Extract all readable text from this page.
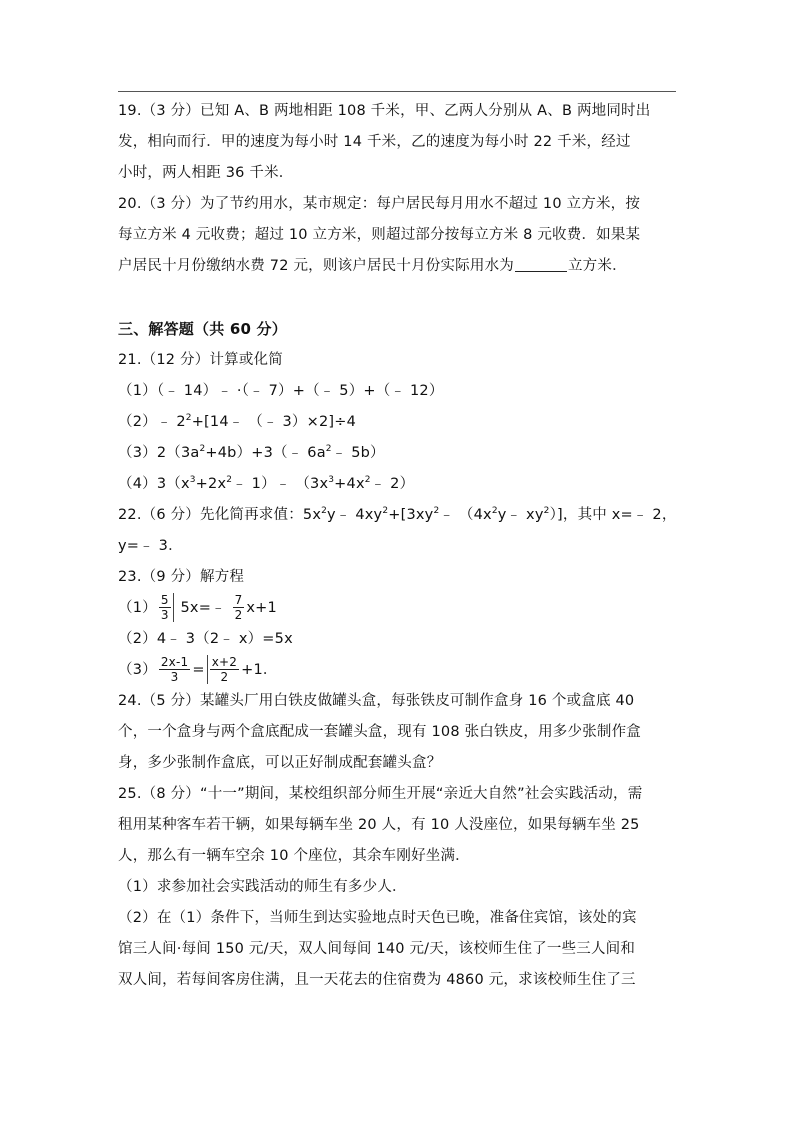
19.（3 分）已知 A、B 两地相距 108 千米，甲、乙两人分别从 A、B 两地同时出

发，相向而行．甲的速度为每小时 14 千米，乙的速度为每小时 22 千米，经过

小时，两人相距 36 千米．

20.（3 分）为了节约用水，某市规定：每户居民每月用水不超过 10 立方米，按

每立方米 4 元收费；超过 10 立方米，则超过部分按每立方米 8 元收费．如果某

户居民十月份缴纳水费 72 元，则该户居民十月份实际用水为	立方米．

三、解答题（共 60 分）

21.（12 分）计算或化简

（1）（﹣ 14）﹣ ·（﹣ 7）+（﹣ 5）+（﹣ 12）

（2）﹣ $2^2+[14﹣$ （﹣ 3）×2]÷4

$(3)2(3a^2+4b)+3(﹣$ $6a^2﹣$ 5b）

$(4)3(x^3+2x^2﹣$ 1）﹣ （$3x^3+4x^2﹣$ 2）

22.（6 分）先化简再求值：$5x^2y﹣$ $4xy^2+[3xy^2﹣$ （$4x^2y﹣$ $xy^2$）]，其中 x=﹣ 2，

y=﹣ 3．

23.（9 分）解方程

$(1) \frac{5}{3}$ 5x=﹣ $\frac{7}{2} x+1$

（2）4﹣ 3（2﹣ x）=5x

$(3) \frac{2x-1}{3} = \frac{x+2}{2} +1$．

24.（5 分）某罐头厂用白铁皮做罐头盒，每张铁皮可制作盒身 16 个或盒底 40

个，一个盒身与两个盒底配成一套罐头盒，现有 108 张白铁皮，用多少张制作盒

身，多少张制作盒底，可以正好制成配套罐头盒？

25.（8 分）“十一”期间，某校组织部分师生开展“亲近大自然”社会实践活动，需

租用某种客车若干辆，如果每辆车坐 20 人，有 10 人没座位，如果每辆车坐 25

人，那么有一辆车空余 10 个座位，其余车刚好坐满．

（1）求参加社会实践活动的师生有多少人．

（2）在（1）条件下，当师生到达实验地点时天色已晚，准备住宾馆，该处的宾

馆三人间·每间 150 元/天，双人间每间 140 元/天，该校师生住了一些三人间和

双人间，若每间客房住满，且一天花去的住宿费为 4860 元，求该校师生住了三
